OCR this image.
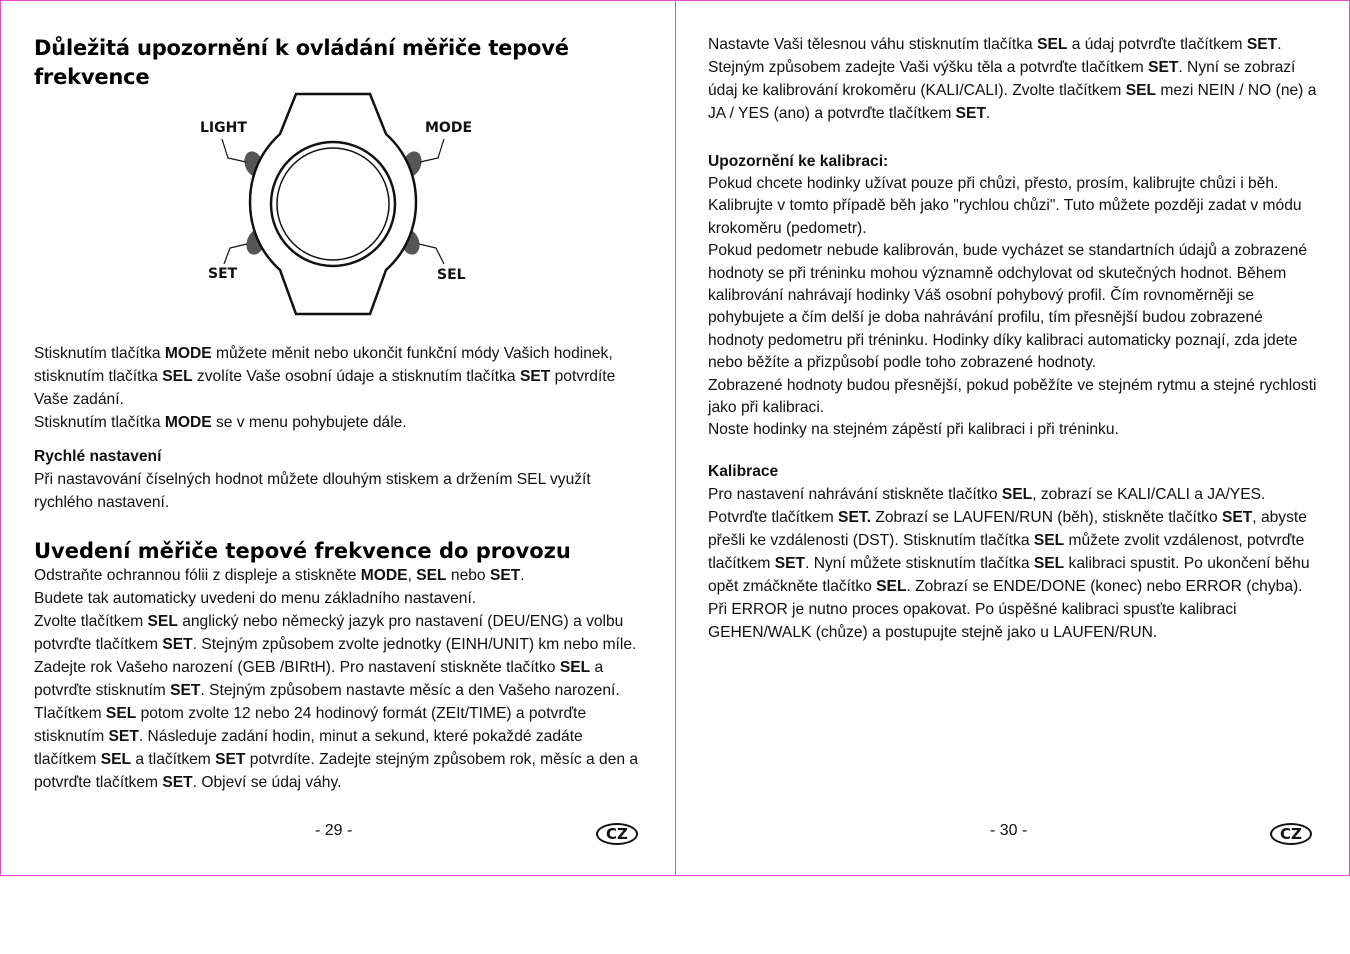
Důležitá upozornění k ovládání měřiče tepové frekvence
LIGHT	MODE
SET	SEL

Stisknutím tlačítka MODE můžete měnit nebo ukončit funkční módy Vašich hodinek, stisknutím tlačítka SEL zvolíte Vaše osobní údaje a stisknutím tlačítka SET potvrdíte Vaše zadání.

Stisknutím tlačítka MODE se v menu pohybujete dále.

Rychlé nastavení

Při nastavování číselných hodnot můžete dlouhým stiskem a držením SEL využít rychlého nastavení.

Uvedení měřiče tepové frekvence do provozu

Odstraňte ochrannou fólii z displeje a stiskněte MODE, SEL nebo SET.

Budete tak automaticky uvedeni do menu základního nastavení.

Zvolte tlačítkem SEL anglický nebo německý jazyk pro nastavení (DEU/ENG) a volbu potvrďte tlačítkem SET. Stejným způsobem zvolte jednotky (EINH/UNIT) km nebo míle. Zadejte rok Vašeho narození (GEB /BIRtH). Pro nastavení stiskněte tlačítko SEL a potvrďte stisknutím SET. Stejným způsobem nastavte měsíc a den Vašeho narození. Tlačítkem SEL potom zvolte 12 nebo 24 hodinový formát (ZEIt/TIME) a potvrďte stisknutím SET. Následuje zadání hodin, minut a sekund, které pokaždé zadáte tlačítkem SEL a tlačítkem SET potvrdíte. Zadejte stejným způsobem rok, měsíc a den a potvrďte tlačítkem SET. Objeví se údaj váhy.

- 29 -	CZ

Nastavte Vaši tělesnou váhu stisknutím tlačítka SEL a údaj potvrďte tlačítkem SET. Stejným způsobem zadejte Vaši výšku těla a potvrďte tlačítkem SET. Nyní se zobrazí údaj ke kalibrování krokoměru (KALI/CALI). Zvolte tlačítkem SEL mezi NEIN / NO (ne) a JA / YES (ano) a potvrďte tlačítkem SET.

Upozornění ke kalibraci:

Pokud chcete hodinky užívat pouze při chůzi, přesto, prosím, kalibrujte chůzi i běh. Kalibrujte v tomto případě běh jako "rychlou chůzi". Tuto můžete později zadat v módu krokoměru (pedometr).

Pokud pedometr nebude kalibrován, bude vycházet se standartních údajů a zobrazené hodnoty se při tréninku mohou významně odchylovat od skutečných hodnot. Během kalibrování nahrávají hodinky Váš osobní pohybový profil. Čím rovnoměrněji se pohybujete a čím delší je doba nahrávání profilu, tím přesnější budou zobrazené hodnoty pedometru při tréninku. Hodinky díky kalibraci automaticky poznají, zda jdete nebo běžíte a přizpůsobí podle toho zobrazené hodnoty.

Zobrazené hodnoty budou přesnější, pokud poběžíte ve stejném rytmu a stejné rychlosti jako při kalibraci.

Noste hodinky na stejném zápěstí při kalibraci i při tréninku.

Kalibrace

Pro nastavení nahrávání stiskněte tlačítko SEL, zobrazí se KALI/CALI a JA/YES. Potvrďte tlačítkem SET. Zobrazí se LAUFEN/RUN (běh), stiskněte tlačítko SET, abyste přešli ke vzdálenosti (DST). Stisknutím tlačítka SEL můžete zvolit vzdálenost, potvrďte tlačítkem SET. Nyní můžete stisknutím tlačítka SEL kalibraci spustit. Po ukončení běhu opět zmáčkněte tlačítko SEL. Zobrazí se ENDE/DONE (konec) nebo ERROR (chyba). Při ERROR je nutno proces opakovat. Po úspěšné kalibraci spusťte kalibraci GEHEN/WALK (chůze) a postupujte stejně jako u LAUFEN/RUN.

- 30 -	CZ
